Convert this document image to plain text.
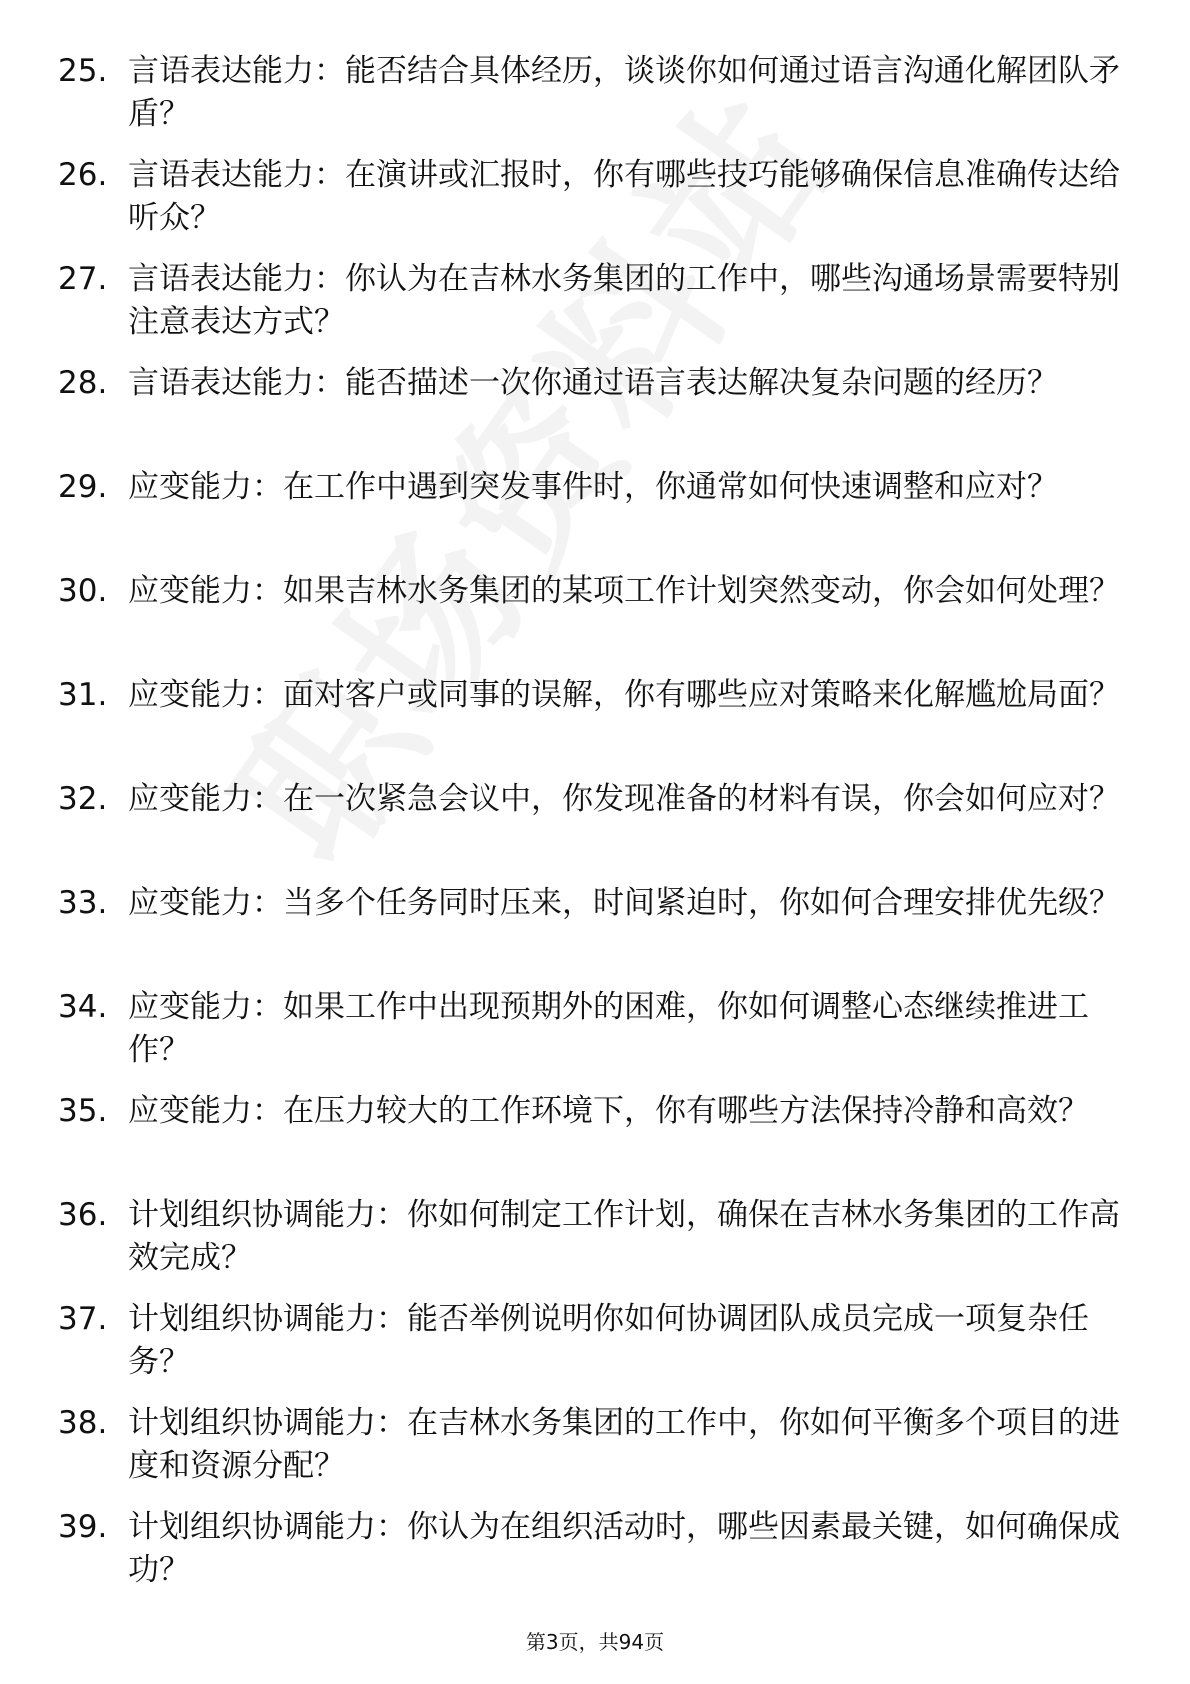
25. 言语表达能力：能否结合具体经历，谈谈你如何通过语言沟通化解团队矛盾？
26. 言语表达能力：在演讲或汇报时，你有哪些技巧能够确保信息准确传达给听众？
27. 言语表达能力：你认为在吉林水务集团的工作中，哪些沟通场景需要特别注意表达方式？
28. 言语表达能力：能否描述一次你通过语言表达解决复杂问题的经历？
29. 应变能力：在工作中遇到突发事件时，你通常如何快速调整和应对？
30. 应变能力：如果吉林水务集团的某项工作计划突然变动，你会如何处理？
31. 应变能力：面对客户或同事的误解，你有哪些应对策略来化解尴尬局面？
32. 应变能力：在一次紧急会议中，你发现准备的材料有误，你会如何应对？
33. 应变能力：当多个任务同时压来，时间紧迫时，你如何合理安排优先级？
34. 应变能力：如果工作中出现预期外的困难，你如何调整心态继续推进工作？
35. 应变能力：在压力较大的工作环境下，你有哪些方法保持冷静和高效？
36. 计划组织协调能力：你如何制定工作计划，确保在吉林水务集团的工作高效完成？
37. 计划组织协调能力：能否举例说明你如何协调团队成员完成一项复杂任务？
38. 计划组织协调能力：在吉林水务集团的工作中，你如何平衡多个项目的进度和资源分配？
39. 计划组织协调能力：你认为在组织活动时，哪些因素最关键，如何确保成功？
第3页，共94页
